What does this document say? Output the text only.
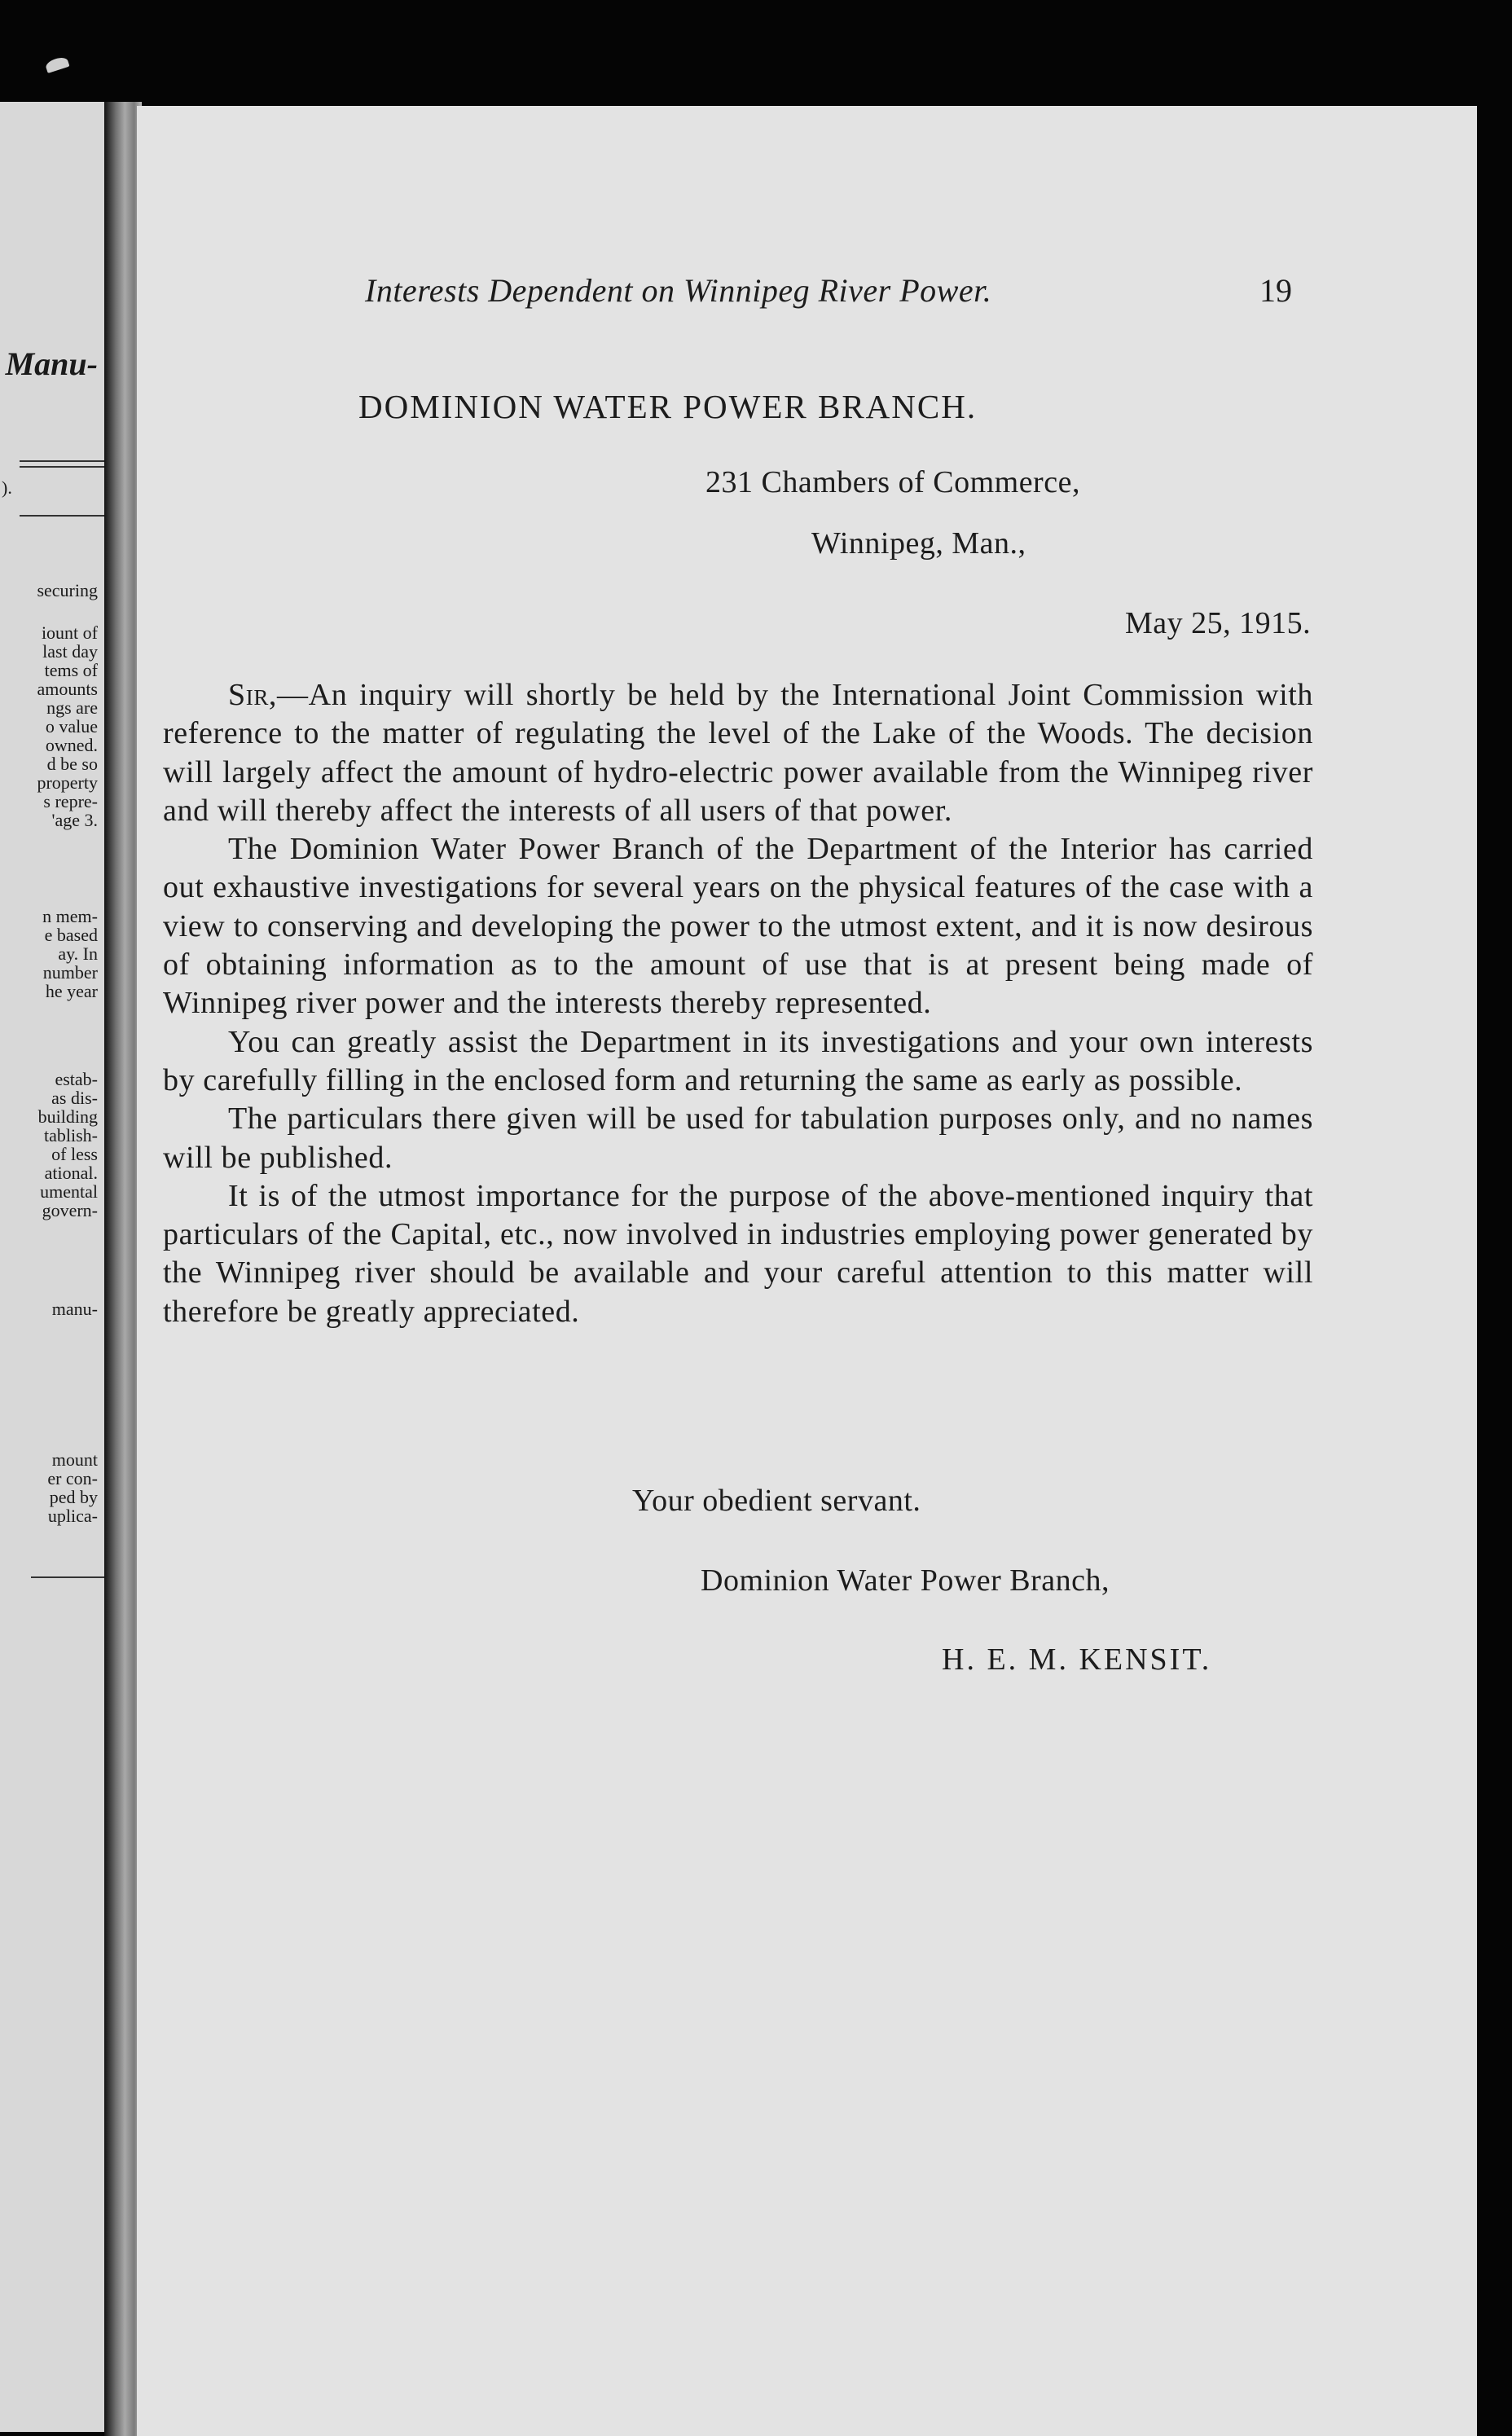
Manu-
).
securing
iount of
last day
tems of
amounts
ngs are
o value
owned.
d be so
property
s repre-
'age 3.
n mem-
e based
ay. In
number
he year
estab-
as dis-
building
tablish-
of less
ational.
umental
govern-
manu-
mount
er con-
ped by
uplica-
Interests Dependent on Winnipeg River Power.	19
DOMINION WATER POWER BRANCH.
231 Chambers of Commerce,
Winnipeg, Man.,
May 25, 1915.

Sir,—An inquiry will shortly be held by the International Joint Commission with reference to the matter of regulating the level of the Lake of the Woods. The decision will largely affect the amount of hydro-electric power available from the Winnipeg river and will thereby affect the interests of all users of that power.

The Dominion Water Power Branch of the Department of the Interior has carried out exhaustive investigations for several years on the physical features of the case with a view to conserving and developing the power to the utmost extent, and it is now desirous of obtaining information as to the amount of use that is at present being made of Winnipeg river power and the interests thereby represented.

You can greatly assist the Department in its investigations and your own interests by carefully filling in the enclosed form and returning the same as early as possible.

The particulars there given will be used for tabulation purposes only, and no names will be published.

It is of the utmost importance for the purpose of the above-mentioned inquiry that particulars of the Capital, etc., now involved in industries employing power generated by the Winnipeg river should be available and your careful attention to this matter will therefore be greatly appreciated.

Your obedient servant.
Dominion Water Power Branch,
H. E. M. KENSIT.
